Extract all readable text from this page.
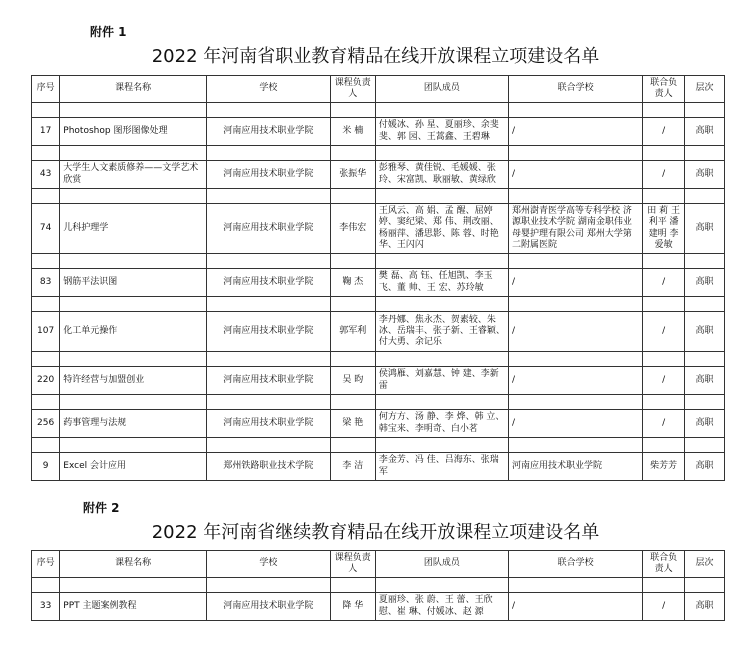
附件 1
2022 年河南省职业教育精品在线开放课程立项建设名单
序号	课程名称	学校	课程负责人	团队成员	联合学校	联合负责人	层次

17	Photoshop 图形图像处理	河南应用技术职业学院	米 楠	付媛冰、孙 星、夏丽珍、余斐斐、郭 园、王蒿鑫、王碧琳	/	/	高职

43	大学生人文素质修养——文学艺术欣赏	河南应用技术职业学院	张振华	彭雅琴、黄佳锐、毛媛媛、张 玲、宋富凯、耿丽敏、黄绿欣	/	/	高职

74	儿科护理学	河南应用技术职业学院	李伟宏	王风云、高 娟、孟 醒、屈婷婷、窦纪梁、郑 伟、荆改丽、杨丽萍、潘思影、陈 蓉、时艳华、王闪闪	郑州澍青医学高等专科学校 济源职业技术学院 湖南金职伟业母婴护理有限公司 郑州大学第二附属医院	田 莉 王利平 潘建明 李爱敏	高职

83	钢筋平法识图	河南应用技术职业学院	鞠 杰	樊 磊、高 钰、任旭凯、李玉飞、董 帅、王 宏、苏玲敏	/	/	高职

107	化工单元操作	河南应用技术职业学院	郭军利	李丹娜、焦永杰、贺素较、朱 冰、岳瑞丰、张子新、王睿颖、付大勇、余记乐	/	/	高职

220	特许经营与加盟创业	河南应用技术职业学院	吴 昀	侯鸿雁、刘嘉慧、钟 建、李新雷	/	/	高职

256	药事管理与法规	河南应用技术职业学院	梁 艳	何方方、汤 静、李 烨、韩 立、韩宝来、李明奇、白小茗	/	/	高职

9	Excel 会计应用	郑州铁路职业技术学院	李 洁	李金芳、冯 佳、吕海东、张瑞军	河南应用技术职业学院	柴芳芳	高职
附件 2
2022 年河南省继续教育精品在线开放课程立项建设名单
序号	课程名称	学校	课程负责人	团队成员	联合学校	联合负责人	层次

33	PPT 主题案例教程	河南应用技术职业学院	降 华	夏丽珍、张 蔚、王 蕾、王欣慰、崔 琳、付媛冰、赵 源	/	/	高职
